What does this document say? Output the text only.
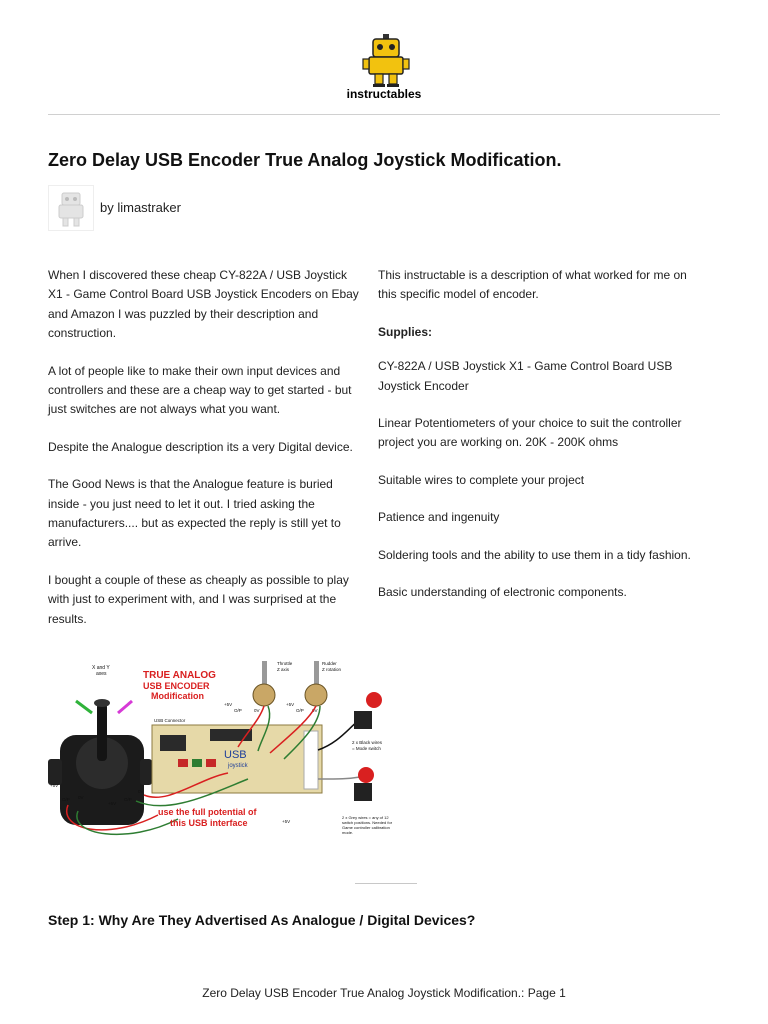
instructables
Zero Delay USB Encoder True Analog Joystick Modification.
by limastraker

When I discovered these cheap CY-822A / USB Joystick X1 - Game Control Board USB Joystick Encoders on Ebay and Amazon I was puzzled by their description and construction.

A lot of people like to make their own input devices and controllers and these are a cheap way to get started - but just switches are not always what you want.

Despite the Analogue description its a very Digital device.

The Good News is that the Analogue feature is buried inside - you just need to let it out. I tried asking the manufacturers.... but as expected the reply is still yet to arrive.

I bought a couple of these as cheaply as possible to play with just to experiment with, and I was surprised at the results.

This instructable is a description of what worked for me on this specific model of encoder.

Supplies:

CY-822A / USB Joystick X1 - Game Control Board USB Joystick Encoder

Linear Potentiometers of your choice to suit the controller project you are working on. 20K - 200K ohms

Suitable wires to complete your project

Patience and ingenuity

Soldering tools and the ability to use them in a tidy fashion.

Basic understanding of electronic components.

X and Y
axes	TRUE ANALOG
USB ENCODER
Modification
Throttle
Z axis
Rudder
Z rotation
+5V
O/P	0V
+5V
O/P 0V
USB Connector
USB
joystick
+5V
O/P 0V
+5V
O/P
0V
+5V
2 x Black wires
= Mode switch
2 x Grey wires = any of 12
switch positions. Needed for
Game controller calibration
mode.
use the full potential of
this USB interface
Step 1: Why Are They Advertised As Analogue / Digital Devices?
Zero Delay USB Encoder True Analog Joystick Modification.: Page 1
